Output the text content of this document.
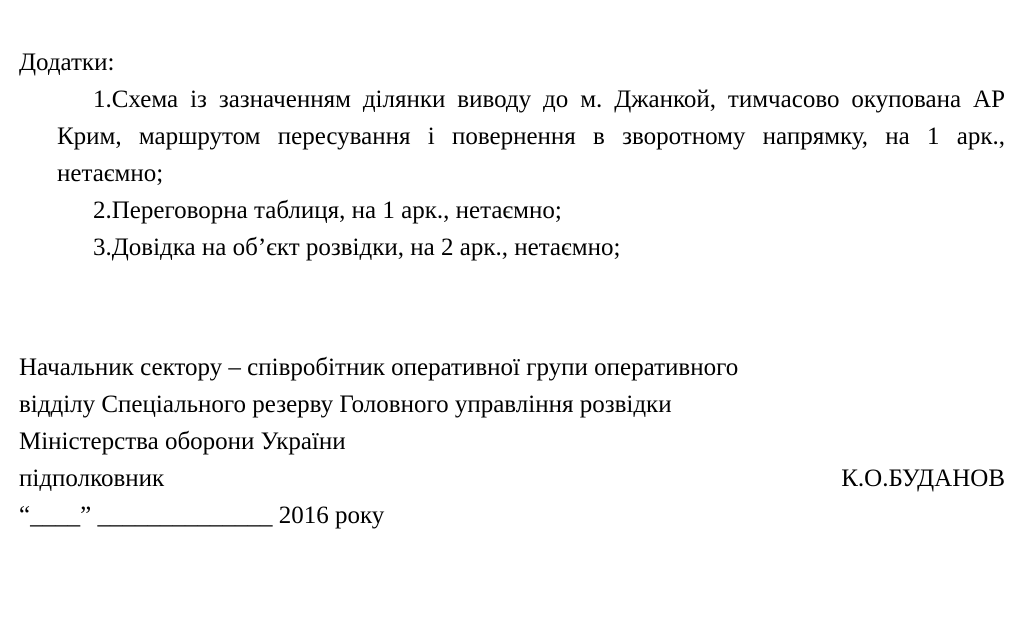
Додатки:

1.Схема із зазначенням ділянки виводу до м. Джанкой, тимчасово окупована АР Крим, маршрутом пересування і повернення в зворотному напрямку, на 1 арк., нетаємно;

2.Переговорна таблиця, на 1 арк., нетаємно;

3.Довідка на об’єкт розвідки, на 2 арк., нетаємно;

Начальник сектору – співробітник оперативної групи оперативного
відділу Спеціального резерву Головного управління розвідки
Міністерства оборони України
підполковник	К.О.БУДАНОВ
“____” ______________ 2016 року
